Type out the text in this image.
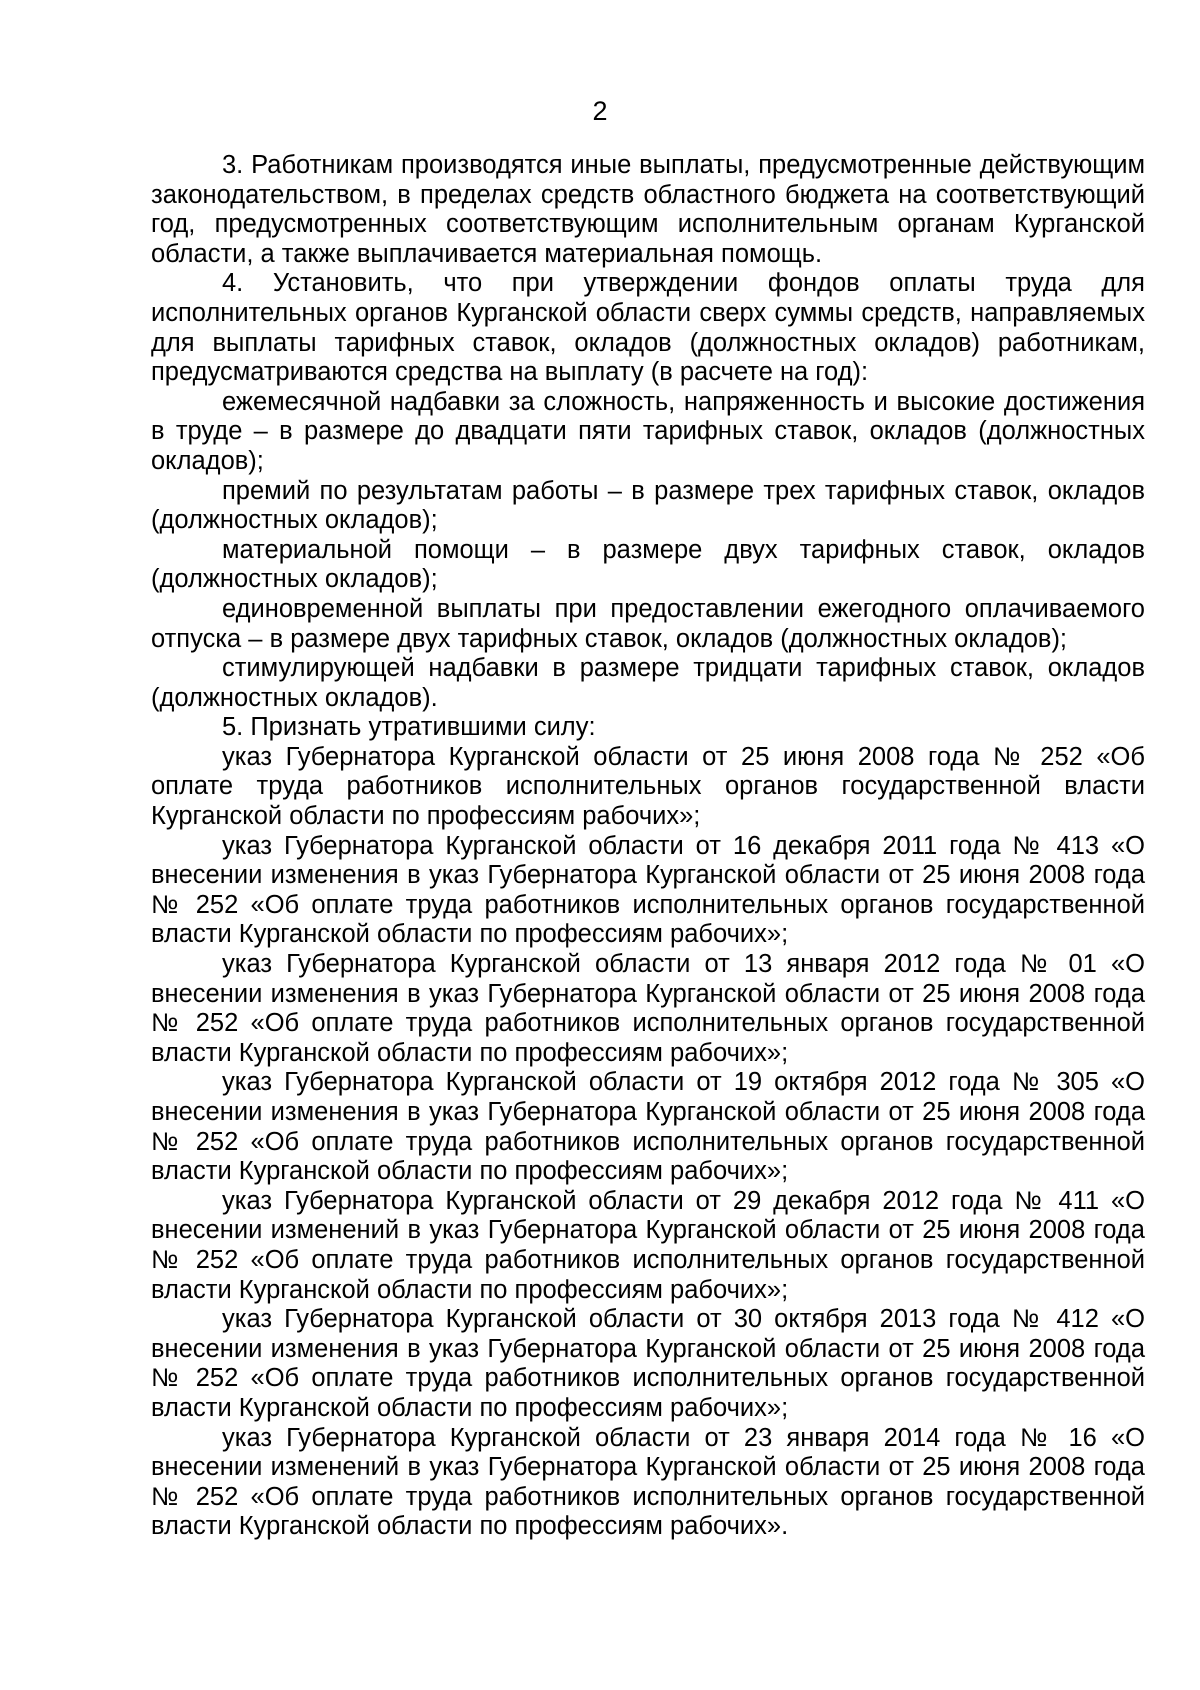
2

3. Работникам производятся иные выплаты, предусмотренные действующим законодательством, в пределах средств областного бюджета на соответствующий год, предусмотренных соответствующим исполнительным органам Курганской области, а также выплачивается материальная помощь.

4. Установить, что при утверждении фондов оплаты труда для исполнительных органов Курганской области сверх суммы средств, направляемых для выплаты тарифных ставок, окладов (должностных окладов) работникам, предусматриваются средства на выплату (в расчете на год):

ежемесячной надбавки за сложность, напряженность и высокие достижения в труде – в размере до двадцати пяти тарифных ставок, окладов (должностных окладов);

премий по результатам работы – в размере трех тарифных ставок, окладов (должностных окладов);

материальной помощи – в размере двух тарифных ставок, окладов (должностных окладов);

единовременной выплаты при предоставлении ежегодного оплачиваемого отпуска – в размере двух тарифных ставок, окладов (должностных окладов);

стимулирующей надбавки в размере тридцати тарифных ставок, окладов (должностных окладов).

5. Признать утратившими силу:

указ Губернатора Курганской области от 25 июня 2008 года № 252 «Об оплате труда работников исполнительных органов государственной власти Курганской области по профессиям рабочих»;

указ Губернатора Курганской области от 16 декабря 2011 года № 413 «О внесении изменения в указ Губернатора Курганской области от 25 июня 2008 года № 252 «Об оплате труда работников исполнительных органов государственной власти Курганской области по профессиям рабочих»;

указ Губернатора Курганской области от 13 января 2012 года № 01 «О внесении изменения в указ Губернатора Курганской области от 25 июня 2008 года № 252 «Об оплате труда работников исполнительных органов государственной власти Курганской области по профессиям рабочих»;

указ Губернатора Курганской области от 19 октября 2012 года № 305 «О внесении изменения в указ Губернатора Курганской области от 25 июня 2008 года № 252 «Об оплате труда работников исполнительных органов государственной власти Курганской области по профессиям рабочих»;

указ Губернатора Курганской области от 29 декабря 2012 года № 411 «О внесении изменений в указ Губернатора Курганской области от 25 июня 2008 года № 252 «Об оплате труда работников исполнительных органов государственной власти Курганской области по профессиям рабочих»;

указ Губернатора Курганской области от 30 октября 2013 года № 412 «О внесении изменения в указ Губернатора Курганской области от 25 июня 2008 года № 252 «Об оплате труда работников исполнительных органов государственной власти Курганской области по профессиям рабочих»;

указ Губернатора Курганской области от 23 января 2014 года № 16 «О внесении изменений в указ Губернатора Курганской области от 25 июня 2008 года № 252 «Об оплате труда работников исполнительных органов государственной власти Курганской области по профессиям рабочих».
